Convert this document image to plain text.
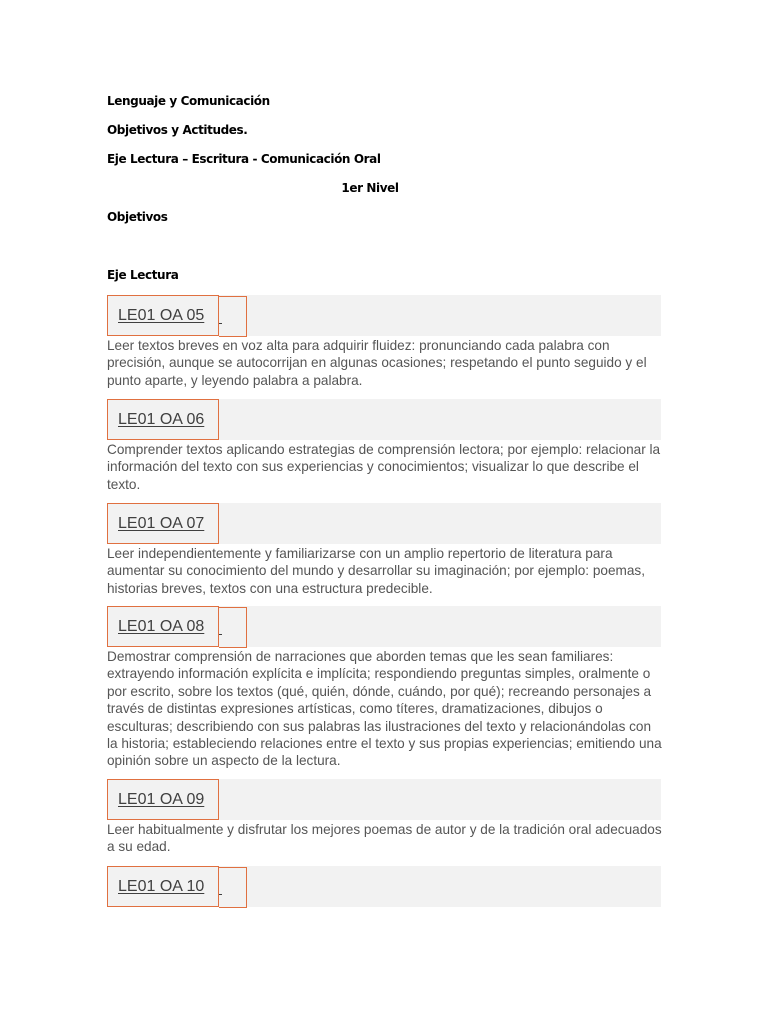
Lenguaje y Comunicación
Objetivos y Actitudes.
Eje Lectura – Escritura - Comunicación Oral
1er Nivel
Objetivos
Eje Lectura
LE01 OA 05
Leer textos breves en voz alta para adquirir fluidez: pronunciando cada palabra con precisión, aunque se autocorrijan en algunas ocasiones; respetando el punto seguido y el punto aparte, y leyendo palabra a palabra.
LE01 OA 06
Comprender textos aplicando estrategias de comprensión lectora; por ejemplo: relacionar la información del texto con sus experiencias y conocimientos; visualizar lo que describe el texto.
LE01 OA 07
Leer independientemente y familiarizarse con un amplio repertorio de literatura para aumentar su conocimiento del mundo y desarrollar su imaginación; por ejemplo: poemas, historias breves, textos con una estructura predecible.
LE01 OA 08
Demostrar comprensión de narraciones que aborden temas que les sean familiares: extrayendo información explícita e implícita; respondiendo preguntas simples, oralmente o por escrito, sobre los textos (qué, quién, dónde, cuándo, por qué); recreando personajes a través de distintas expresiones artísticas, como títeres, dramatizaciones, dibujos o esculturas; describiendo con sus palabras las ilustraciones del texto y relacionándolas con la historia; estableciendo relaciones entre el texto y sus propias experiencias; emitiendo una opinión sobre un aspecto de la lectura.
LE01 OA 09
Leer habitualmente y disfrutar los mejores poemas de autor y de la tradición oral adecuados a su edad.
LE01 OA 10
